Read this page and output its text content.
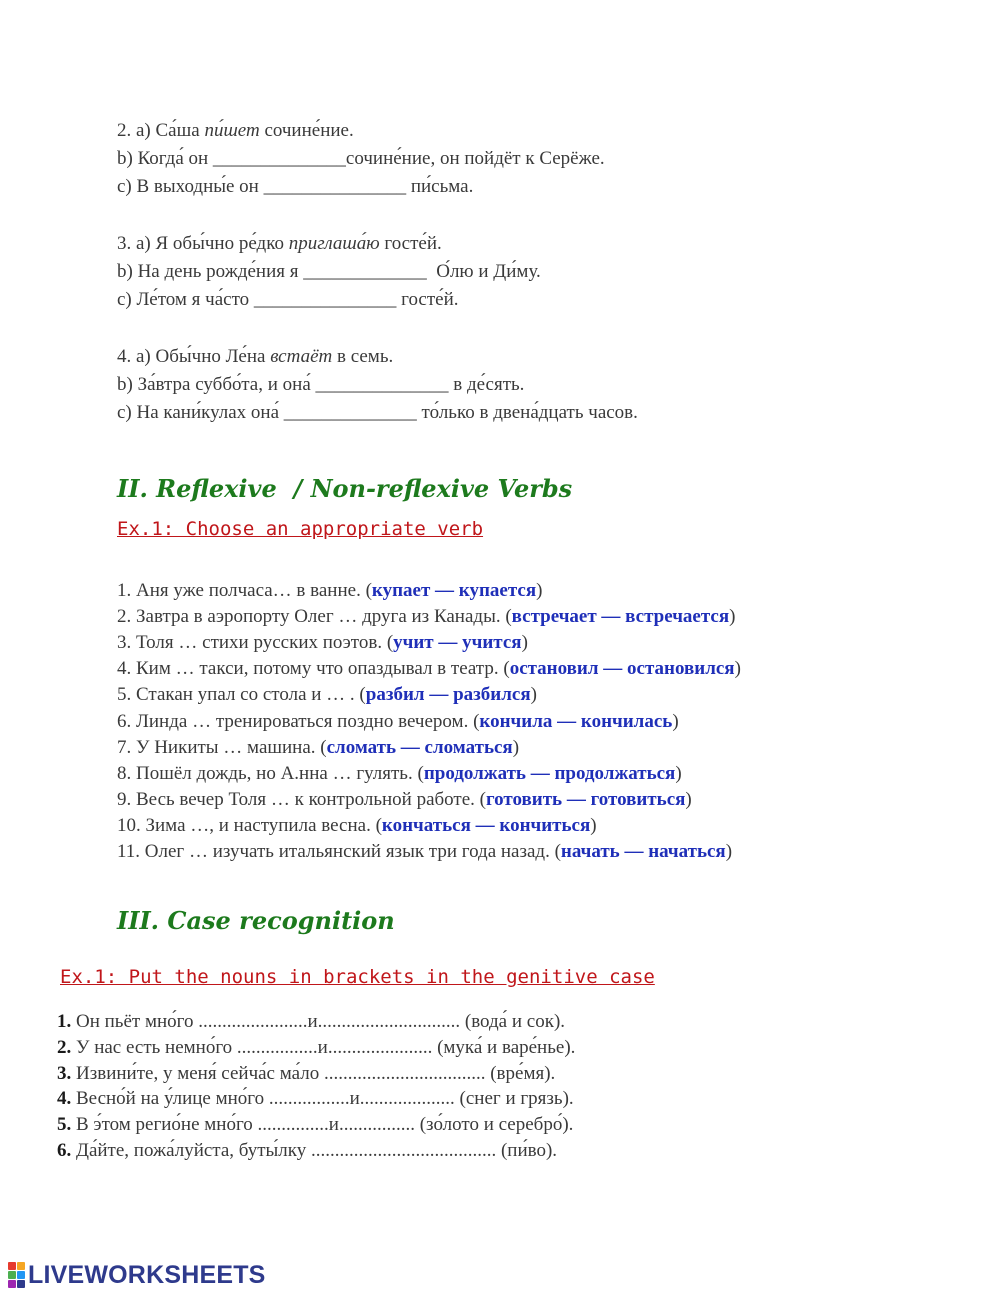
2. a) Са́ша пи́шет сочине́ние.
b) Когда́ он ______________сочине́ние, он пойдёт к Серёже.
c) В выходны́е он _______________ пи́сьма.
3. a) Я обы́чно ре́дко приглаша́ю госте́й.
b) На день рожде́ния я _____________  О́лю и Ди́му.
c) Ле́том я ча́сто _______________ госте́й.
4. a) Обы́чно Ле́на встаёт в семь.
b) За́втра суббо́та, и она́ ______________ в де́сять.
c) На кани́кулах она́ ______________ то́лько в двена́дцать часов.
II. Reflexive  / Non-reflexive Verbs
Ex.1: Choose an appropriate verb
1. Аня уже полчаса… в ванне. (купает — купается)
2. Завтра в аэропорту Олег … друга из Канады. (встречает — встречается)
3. Толя … стихи русских поэтов. (учит — учится)
4. Ким … такси, потому что опаздывал в театр. (остановил — остановился)
5. Стакан упал со стола и … . (разбил — разбился)
6. Линда … тренироваться поздно вечером. (кончила — кончилась)
7. У Никиты … машина. (сломать — сломаться)
8. Пошёл дождь, но А.нна … гулять. (продолжать — продолжаться)
9. Весь вечер Толя … к контрольной работе. (готовить — готовиться)
10. Зима …, и наступила весна. (кончаться — кончиться)
11. Олег … изучать итальянский язык три года назад. (начать — начаться)
III. Case recognition
Ex.1: Put the nouns in brackets in the genitive case
1. Он пьёт мно́го .......................и.............................. (вода́ и сок).
2. У нас есть немно́го .................и...................... (мука́ и варе́нье).
3. Извини́те, у меня́ сейча́с ма́ло .................................. (вре́мя).
4. Весно́й на у́лице мно́го .................и.................... (снег и грязь).
5. В э́том регио́не мно́го ...............и................ (зо́лото и серебро́).
6. Да́йте, пожа́луйста, буты́лку ....................................... (пи́во).
LIVEWORKSHEETS
